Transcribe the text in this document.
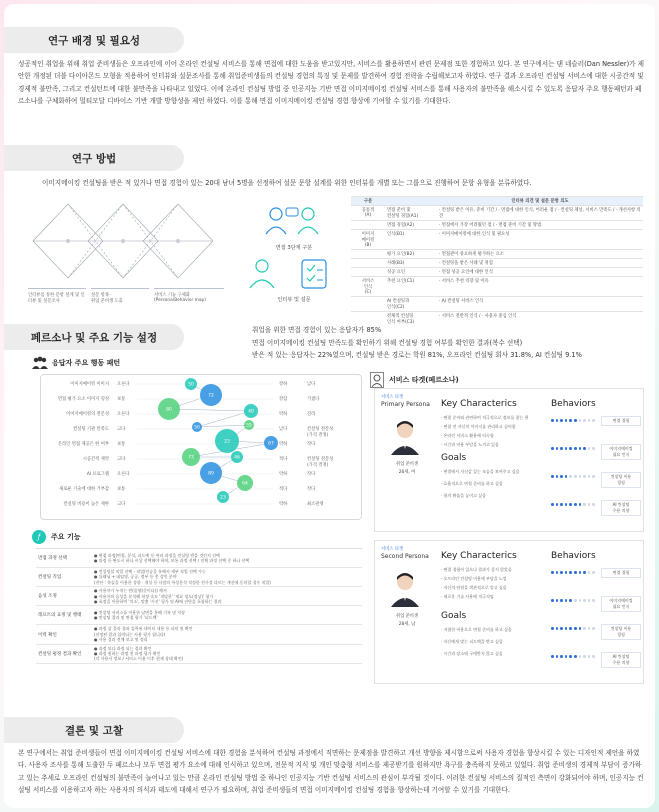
연구 배경 및 필요성
성공적인 취업을 위해 취업 준비생들은 오프라인에 이어 온라인 컨설팅 서비스를 통해 면접에 대한 도움을 받고있지만, 서비스를 활용하면서 관련 문제점 또한 경험하고 있다. 본 연구에서는 댄 네슬러(Dan Nessler)가 제안한 개정된 더블 다이아몬드 모형을 적용하여 인터뷰와 설문조사를 통해 취업준비생들의 컨설팅 경험의 특징 및 문제를 발견하여 경험 전략을 수립해보고자 하였다. 연구 결과 오프라인 컨설팅 서비스에 대한 시공간적 및 경제적 불만족, 그리고 컨설턴트에 대한 불만족을 나타내고 있었다. 이에 온라인 컨설팅 방법 중 인공지능 기반 면접 이미지메이킹 컨설팅 서비스를 통해 사용자의 불만족을 해소시킬 수 있도록 응답자 주요 행동패턴과 페르소나를 구체화하여 멀티모달 디바이스 기반 개발 방향성을 제언 하였다. 이를 통해 면접 이미지메이킹 컨설팅 경험 향상에 기여할 수 있기를 기대한다.
연구 방법
이미지메이킹 컨설팅을 받은 적 있거나 면접 경험이 있는 20대 남녀 5명을 선정하여 설문 문항 설계를 위한 인터뷰를 개별 또는 그룹으로 진행하여 문항 유형을 분류하였다.
인터뷰를 통한 문항 설계 및 인터뷰 및 설문조사
설문 항목 ·
취업 준비생 도출
서비스 기능 구체화
(Persona/Behavior map)
면접 3단계 구분
인터뷰 및 설문
구분		인터뷰 의견 및 설문 문항 의도
공통적
(A)	면접 준비 및
컨설팅 경험(A1)	· 컨설팅 받은 이유, 준비 기간 / · 면접에 대한 인식, 어려운 점 / · 컨설팅 채널, 서비스 만족도 / · 개선사항 의견
	면접 경험(A2)	· 면접에서 가장 어려웠던 점 / · 면접 준비 기간 및 방법
이미지
메이킹
(B)	인식(B1)	· 이미지메이킹에 대한 인식 및 필요성
	평가 요인(B2)	· 면접관이 중요하게 평가하는 요소
	사례(B3)	· 컨설팅을 받은 사례 및 경험
	성공 요인	· 면접 성공 요인에 대한 인식
서비스
인식
(C)	추천 요인(C1)	· 서비스 추천 의향 및 이유
	AI 컨설팅과
인식(C2)	· AI 컨설팅 서비스 인식
	전체적 컨설팅
인식 여부(C3)	· 서비스 전반적 인식 / · 사용자 중심 인식
페르소나 및 주요 기능 설정
취업을 위한 면접 경험이 있는 응답자가 85%
면접 이미지메이킹 컨설팅 만족도를 확인하기 위해 컨설팅 경험 여부를 확인한 결과(복수 선택)
받은 적 있는 응답자는 22%였으며, 컨설팅 받은 경로는 학원 81%, 오프라인 컨설팅 회사 31.8%, AI 컨설팅 9.1%
응답자 주요 행동 패턴
이미지메이킹 이미지 오른다	강하	낮다
면접 평가 요소 이미지 형성 보통	강함	가졌다
이미지메이킹의 전문성 오른다	약하	진라
컨설팅 기관 만족도 크다	낮다	컨설팅 전문성
(가격 결정)
온라인 면접 제공은 한 여부 보통	약하	작다
시공간적 제약 크다	적다	컨설팅 전문성
(가격 결정)
AI 프로그램 오른다	약하	작다
새로운 기술에 대한 거부감 보통	적다	작다
컨설팅 비용이 높은 제한 크다	약하	최소관영
50
72
80	40
50	55
23	67
73	46
89
64
23
ƒ	주요 기능
면접 과정 선택
● 면접 과정(면접, 분석, 피드백 등 여러 과정을 컨설팅 받을 것인지 선택
● 과정 등 판도시 하나 이상 선택해야 하며, 보통 과정 선택 / 전체 과정 선택 중 하나 선택
컨설팅 직업
● 컨설팅할 직업 선택 - 직업/전공을 통해서 세부 직업 선택 가능
● 틀래닝 + 네임명, 공공, 정부 등 총 성인 분야
(진단 : 학술을 이용한 성향 · 개성 등 사람의 특성분석 적정한 전가성 다르는 개선에 동의할 경우 직업)
음성 조정
● 사용자가 누적는 번(음양(준이다)) 깨서
● 사용자의 음성을 분석해 적정 속도 '적당한' '재료 정도(정상)' 평가
● 표정을 이용하여 '미소', 맞춤 '시선' 평가 및 AI에 진단을 포함하는 결과
레프트의 표정 및 행태
● 컨설팅 서비스를 이용한 남면을 통해 기록 및 저장
● 컨설팅 결과 및 면접 평가 '피드백'
이력 확인
● 과정 상 결과 경과 입력된 데이터 내용 등 파악 및 확인
(선정된 결과 입력되는 사용 평가 됩니다)
● 사용 결과 전체 보고 및 정리
컨설팅 평정 결과 확인
● 과정 보다 과정 되는 결과 확인
● 과정 원하는 과정 전 과정 평가 확인
(각 사용자 정보 / 서비스 이용 이후 현재 상태 확인)
서비스 타겟(페르소나)
서비스 타겟
Primary Persona
취업 준비생
26세, 여
Key Characterics	Behaviors
· 면접 준비와 관련하여 적극적으로 정보를 찾는 편
· 면접 전 자신의 이미지를 관리하고 싶어함
· 온라인 서비스 활용에 익숙함
· 시간과 비용 부담을 느끼고 있음
Goals
· 면접에서 자신감 있는 모습을 보여주고 싶음
· 효율적으로 면접 준비를 하고 싶음
· 합격 확률을 높이고 싶음
면접 경험
이미지메이킹
필요 인식
컨설팅 이용
경험
AI 컨설팅
수용 의향
서비스 타겟
Second Persona
취업 준비생
28세, 남
Key Characterics	Behaviors
· 면접 경험이 있으나 결과가 좋지 않았음
· 오프라인 컨설팅 비용에 부담을 느낌
· 자신의 단점을 객관적으로 알고 싶음
· 새로운 기술 사용에 적극적임
Goals
· 저렴한 비용으로 면접 준비를 하고 싶음
· 자신에게 맞는 피드백을 받고 싶음
· 시간과 장소에 구애받지 않고 싶음
면접 경험
이미지메이킹
필요 인식
컨설팅 이용
경험
AI 컨설팅
수용 의향
결론 및 고찰
본 연구에서는 취업 준비생들이 면접 이미지메이킹 컨설팅 서비스에 대한 경험을 분석하여 컨설팅 과정에서 직면하는 문제점을 발견하고 개선 방향을 제시함으로써 사용자 경험을 향상시킬 수 있는 디자인적 제언을 하였다. 사용자 조사를 통해 도출한 두 페르소나 모두 면접 평가 요소에 대해 인식하고 있으며, 전문적 지식 및 개인 맞춤형 서비스를 제공받기를 원하지만 욕구를 충족하지 못하고 있었다. 취업 준비생의 경제적 부담이 증가하고 있는 추세로 오프라인 컨설팅의 불만족이 늘어나고 있는 만큼 온라인 컨설팅 방법 중 하나인 인공지능 기반 컨설팅 서비스의 관심이 부각될 것이다. 이러한 컨설팅 서비스의 질적인 측면이 강화되어야 하며, 인공지능 컨설팅 서비스를 이용하고자 하는 사용자의 의식과 태도에 대해서 연구가 필요하며, 취업 준비생들의 면접 이미지메이킹 컨설팅 경험을 향상하는데 기여할 수 있기를 기대한다.
